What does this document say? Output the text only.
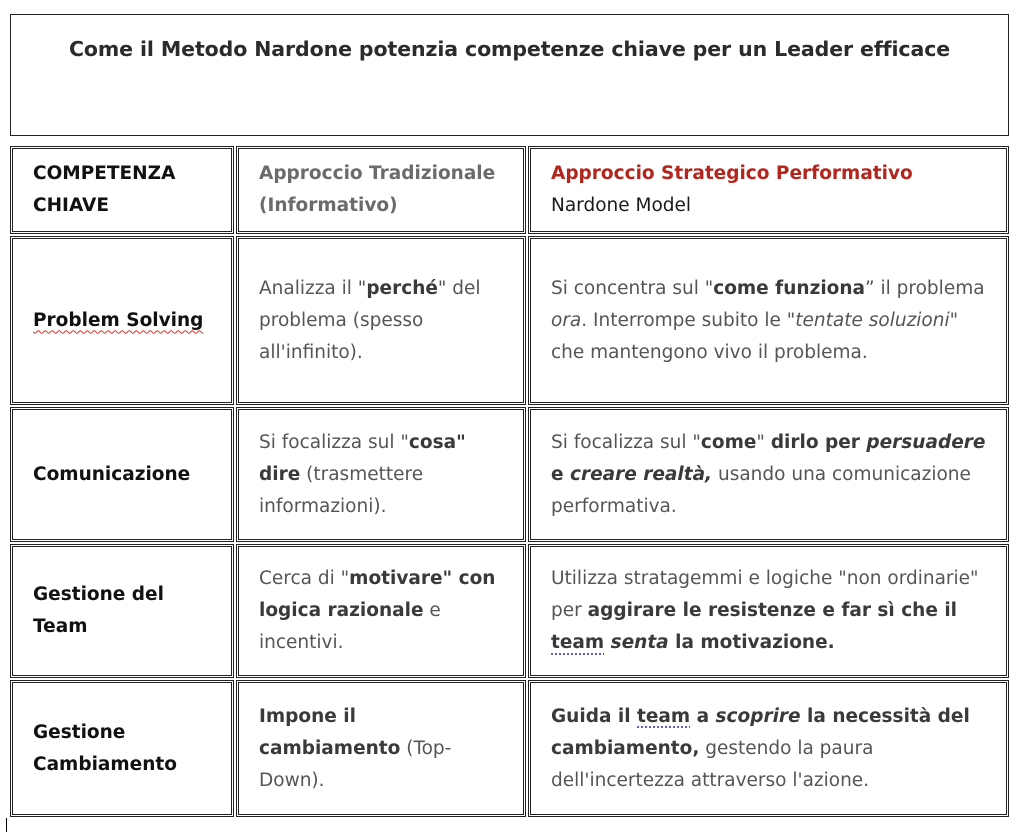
Come il Metodo Nardone potenzia competenze chiave per un Leader efficace
COMPETENZA
CHIAVE
Approccio Tradizionale
(Informativo)
Approccio Strategico Performativo
Nardone Model
Problem Solving
Analizza il "perché" del problema (spesso all'infinito).
Si concentra sul "come funziona” il problema ora. Interrompe subito le "tentate soluzioni" che mantengono vivo il problema.
Comunicazione
Si focalizza sul "cosa" dire (trasmettere informazioni).
Si focalizza sul "come" dirlo per persuadere e creare realtà, usando una comunicazione performativa.
Gestione del
Team
Cerca di "motivare" con logica razionale e incentivi.
Utilizza stratagemmi e logiche "non ordinarie" per aggirare le resistenze e far sì che il team senta la motivazione.
Gestione
Cambiamento
Impone il cambiamento (Top-Down).
Guida il team a scoprire la necessità del cambiamento, gestendo la paura dell'incertezza attraverso l'azione.
